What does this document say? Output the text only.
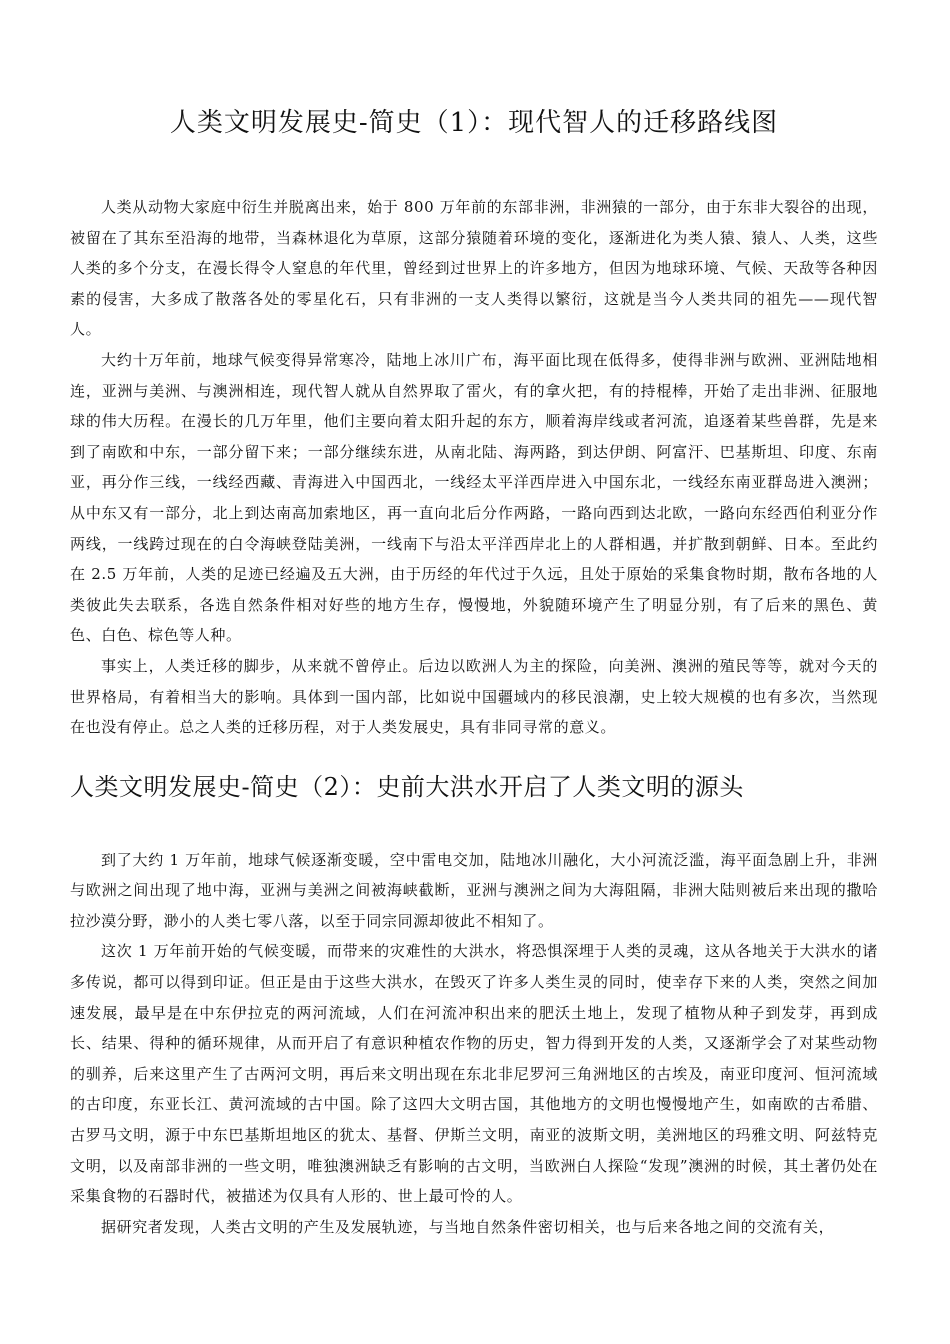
人类文明发展史-简史（1）：现代智人的迁移路线图

人类从动物大家庭中衍生并脱离出来，始于 800 万年前的东部非洲，非洲猿的一部分，由于东非大裂谷的出现，被留在了其东至沿海的地带，当森林退化为草原，这部分猿随着环境的变化，逐渐进化为类人猿、猿人、人类，这些人类的多个分支，在漫长得令人窒息的年代里，曾经到过世界上的许多地方，但因为地球环境、气候、天敌等各种因素的侵害，大多成了散落各处的零星化石，只有非洲的一支人类得以繁衍，这就是当今人类共同的祖先——现代智人。

大约十万年前，地球气候变得异常寒冷，陆地上冰川广布，海平面比现在低得多，使得非洲与欧洲、亚洲陆地相连，亚洲与美洲、与澳洲相连，现代智人就从自然界取了雷火，有的拿火把，有的持棍棒，开始了走出非洲、征服地球的伟大历程。在漫长的几万年里，他们主要向着太阳升起的东方，顺着海岸线或者河流，追逐着某些兽群，先是来到了南欧和中东，一部分留下来；一部分继续东进，从南北陆、海两路，到达伊朗、阿富汗、巴基斯坦、印度、东南亚，再分作三线，一线经西藏、青海进入中国西北，一线经太平洋西岸进入中国东北，一线经东南亚群岛进入澳洲；从中东又有一部分，北上到达南高加索地区，再一直向北后分作两路，一路向西到达北欧，一路向东经西伯利亚分作两线，一线跨过现在的白令海峡登陆美洲，一线南下与沿太平洋西岸北上的人群相遇，并扩散到朝鲜、日本。至此约在 2.5 万年前，人类的足迹已经遍及五大洲，由于历经的年代过于久远，且处于原始的采集食物时期，散布各地的人类彼此失去联系，各选自然条件相对好些的地方生存，慢慢地，外貌随环境产生了明显分别，有了后来的黑色、黄色、白色、棕色等人种。

事实上，人类迁移的脚步，从来就不曾停止。后边以欧洲人为主的探险，向美洲、澳洲的殖民等等，就对今天的世界格局，有着相当大的影响。具体到一国内部，比如说中国疆域内的移民浪潮，史上较大规模的也有多次，当然现在也没有停止。总之人类的迁移历程，对于人类发展史，具有非同寻常的意义。

人类文明发展史-简史（2）：史前大洪水开启了人类文明的源头

到了大约 1 万年前，地球气候逐渐变暖，空中雷电交加，陆地冰川融化，大小河流泛滥，海平面急剧上升，非洲与欧洲之间出现了地中海，亚洲与美洲之间被海峡截断，亚洲与澳洲之间为大海阻隔，非洲大陆则被后来出现的撒哈拉沙漠分野，渺小的人类七零八落，以至于同宗同源却彼此不相知了。

这次 1 万年前开始的气候变暖，而带来的灾难性的大洪水，将恐惧深埋于人类的灵魂，这从各地关于大洪水的诸多传说，都可以得到印证。但正是由于这些大洪水，在毁灭了许多人类生灵的同时，使幸存下来的人类，突然之间加速发展，最早是在中东伊拉克的两河流域，人们在河流冲积出来的肥沃土地上，发现了植物从种子到发芽，再到成长、结果、得种的循环规律，从而开启了有意识种植农作物的历史，智力得到开发的人类，又逐渐学会了对某些动物的驯养，后来这里产生了古两河文明，再后来文明出现在东北非尼罗河三角洲地区的古埃及，南亚印度河、恒河流域的古印度，东亚长江、黄河流域的古中国。除了这四大文明古国，其他地方的文明也慢慢地产生，如南欧的古希腊、古罗马文明，源于中东巴基斯坦地区的犹太、基督、伊斯兰文明，南亚的波斯文明，美洲地区的玛雅文明、阿兹特克文明，以及南部非洲的一些文明，唯独澳洲缺乏有影响的古文明，当欧洲白人探险“发现”澳洲的时候，其土著仍处在采集食物的石器时代，被描述为仅具有人形的、世上最可怜的人。

据研究者发现，人类古文明的产生及发展轨迹，与当地自然条件密切相关，也与后来各地之间的交流有关，
